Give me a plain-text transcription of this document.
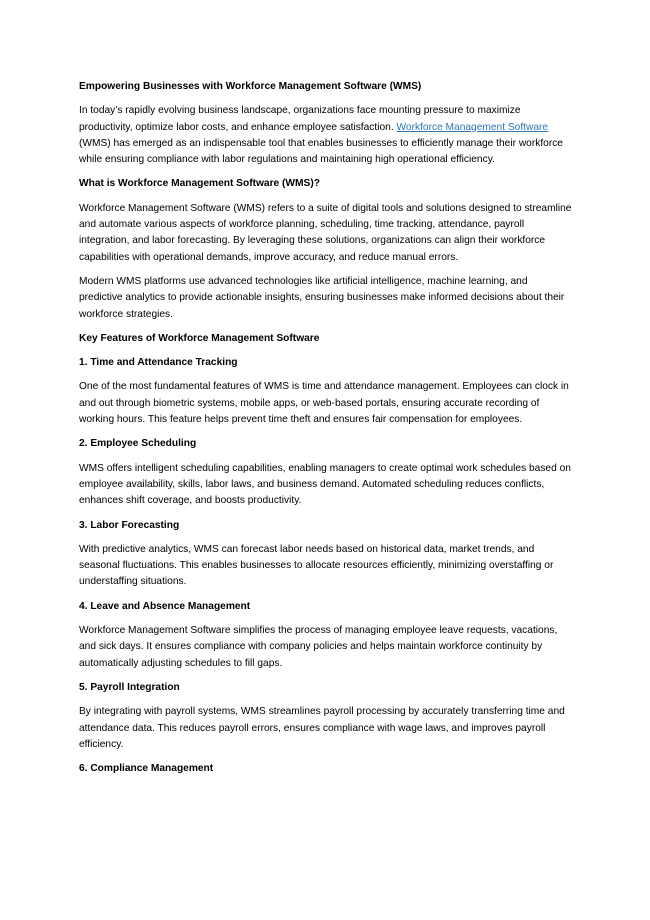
Empowering Businesses with Workforce Management Software (WMS)
In today’s rapidly evolving business landscape, organizations face mounting pressure to maximize productivity, optimize labor costs, and enhance employee satisfaction. Workforce Management Software (WMS) has emerged as an indispensable tool that enables businesses to efficiently manage their workforce while ensuring compliance with labor regulations and maintaining high operational efficiency.
What is Workforce Management Software (WMS)?
Workforce Management Software (WMS) refers to a suite of digital tools and solutions designed to streamline and automate various aspects of workforce planning, scheduling, time tracking, attendance, payroll integration, and labor forecasting. By leveraging these solutions, organizations can align their workforce capabilities with operational demands, improve accuracy, and reduce manual errors.
Modern WMS platforms use advanced technologies like artificial intelligence, machine learning, and predictive analytics to provide actionable insights, ensuring businesses make informed decisions about their workforce strategies.
Key Features of Workforce Management Software
1. Time and Attendance Tracking
One of the most fundamental features of WMS is time and attendance management. Employees can clock in and out through biometric systems, mobile apps, or web-based portals, ensuring accurate recording of working hours. This feature helps prevent time theft and ensures fair compensation for employees.
2. Employee Scheduling
WMS offers intelligent scheduling capabilities, enabling managers to create optimal work schedules based on employee availability, skills, labor laws, and business demand. Automated scheduling reduces conflicts, enhances shift coverage, and boosts productivity.
3. Labor Forecasting
With predictive analytics, WMS can forecast labor needs based on historical data, market trends, and seasonal fluctuations. This enables businesses to allocate resources efficiently, minimizing overstaffing or understaffing situations.
4. Leave and Absence Management
Workforce Management Software simplifies the process of managing employee leave requests, vacations, and sick days. It ensures compliance with company policies and helps maintain workforce continuity by automatically adjusting schedules to fill gaps.
5. Payroll Integration
By integrating with payroll systems, WMS streamlines payroll processing by accurately transferring time and attendance data. This reduces payroll errors, ensures compliance with wage laws, and improves payroll efficiency.
6. Compliance Management
